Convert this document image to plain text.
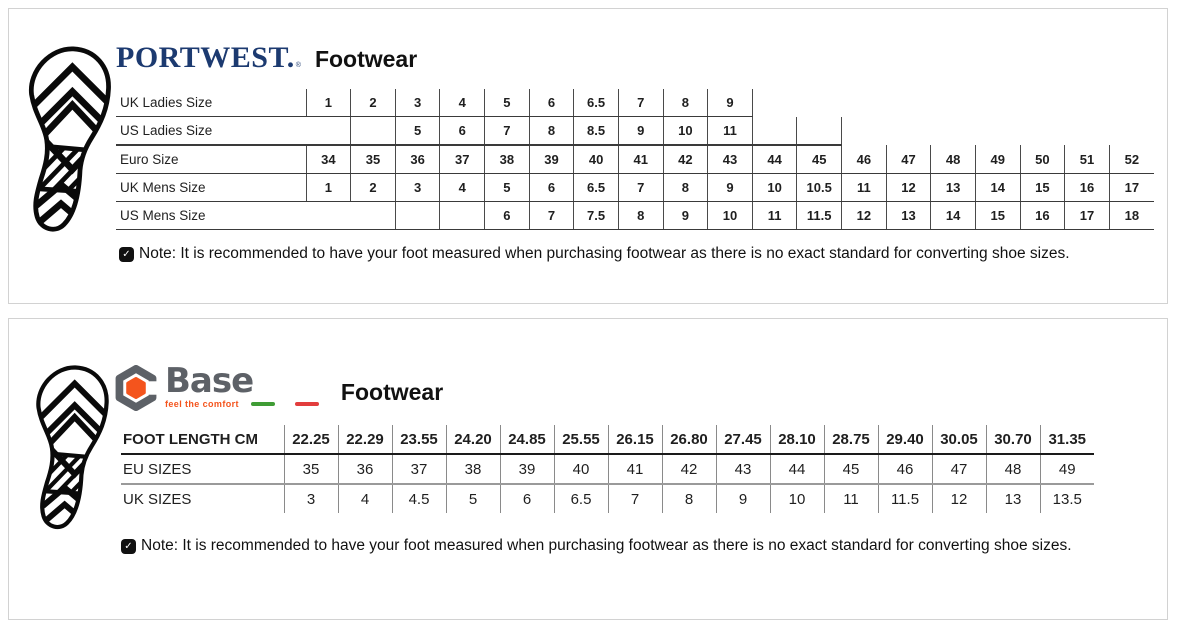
PORTWEST.® Footwear
UK Ladies Size	1	2	3	4	5	6	6.5	7	8	9									
US Ladies Size			5	6	7	8	8.5	9	10	11									
Euro Size	34	35	36	37	38	39	40	41	42	43	44	45	46	47	48	49	50	51	52
UK Mens Size	1	2	3	4	5	6	6.5	7	8	9	10	10.5	11	12	13	14	15	16	17
US Mens Size					6	7	7.5	8	9	10	11	11.5	12	13	14	15	16	17	18
✓ Note: It is recommended to have your foot measured when purchasing footwear as there is no exact standard for converting shoe sizes.
Base
feel the comfort	Footwear
FOOT LENGTH CM	22.25	22.29	23.55	24.20	24.85	25.55	26.15	26.80	27.45	28.10	28.75	29.40	30.05	30.70	31.35
EU SIZES	35	36	37	38	39	40	41	42	43	44	45	46	47	48	49
UK SIZES	3	4	4.5	5	6	6.5	7	8	9	10	11	11.5	12	13	13.5
✓ Note: It is recommended to have your foot measured when purchasing footwear as there is no exact standard for converting shoe sizes.
